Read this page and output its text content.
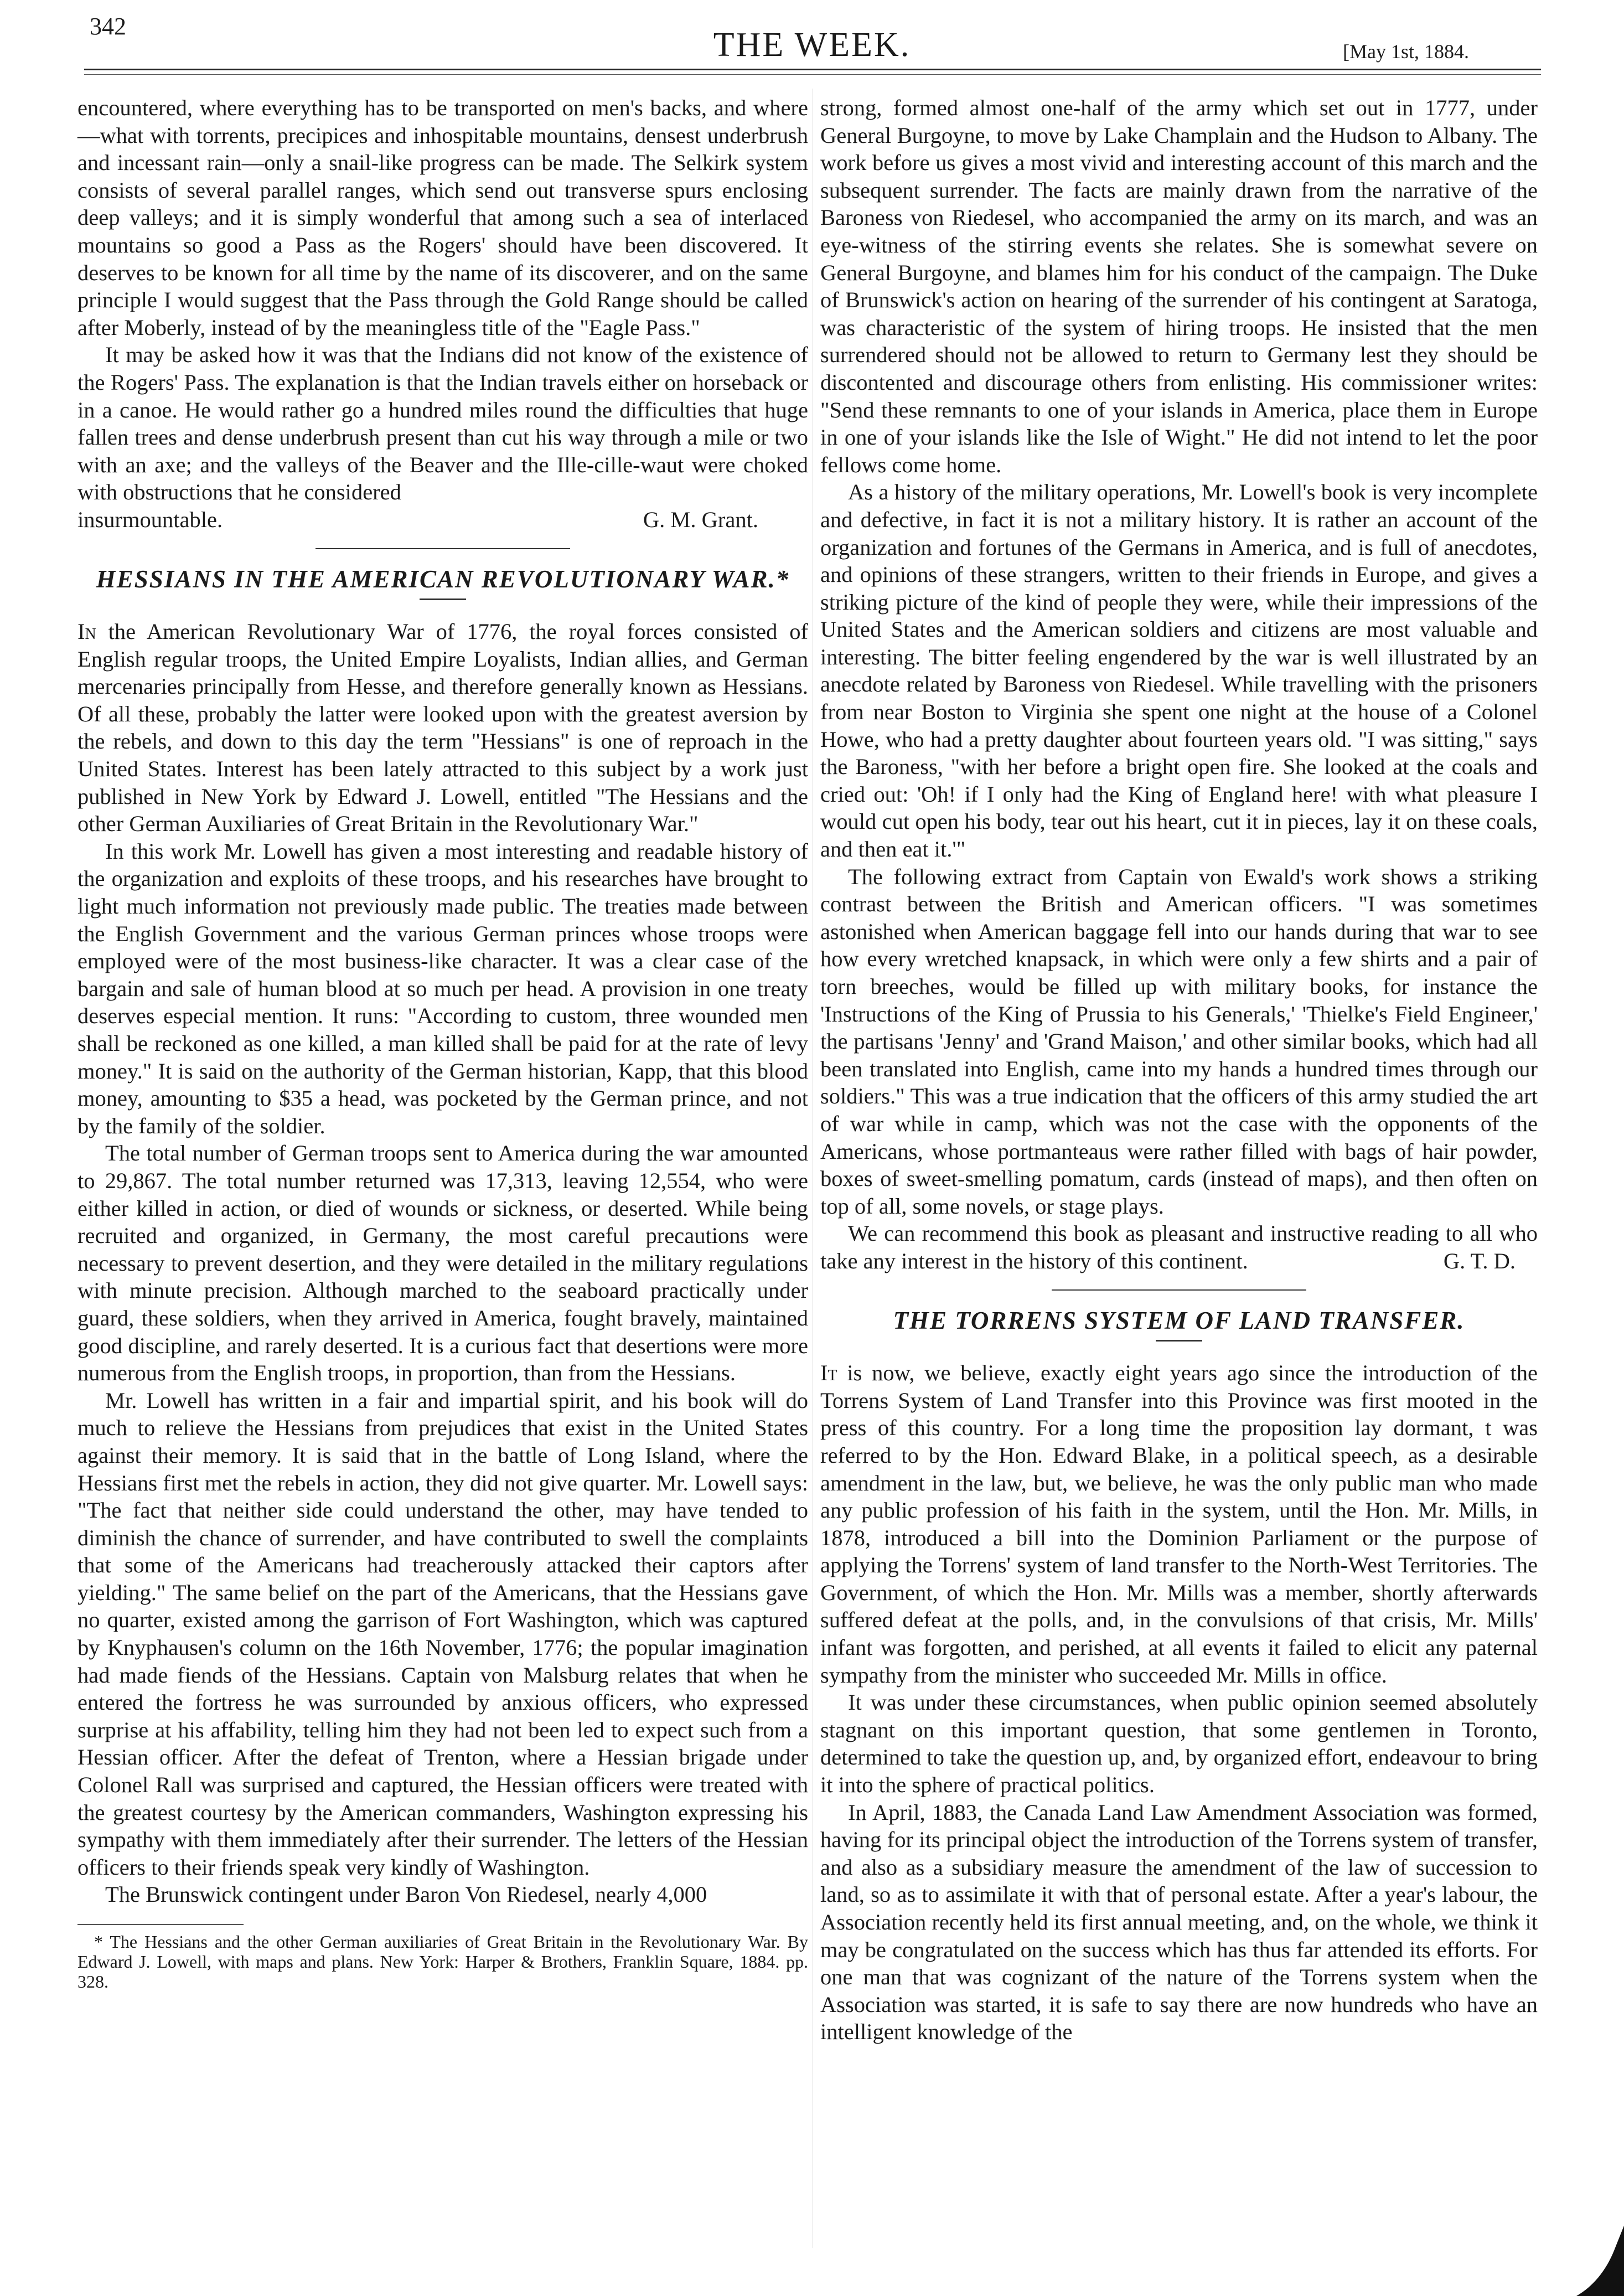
342	THE WEEK.	[May 1st, 1884.

encountered, where everything has to be transported on men's backs, and where—what with torrents, precipices and inhospitable mountains, densest underbrush and incessant rain—only a snail-like progress can be made. The Selkirk system consists of several parallel ranges, which send out transverse spurs enclosing deep valleys; and it is simply wonderful that among such a sea of interlaced mountains so good a Pass as the Rogers' should have been discovered. It deserves to be known for all time by the name of its discoverer, and on the same principle I would suggest that the Pass through the Gold Range should be called after Moberly, instead of by the meaningless title of the "Eagle Pass."

It may be asked how it was that the Indians did not know of the existence of the Rogers' Pass. The explanation is that the Indian travels either on horseback or in a canoe. He would rather go a hundred miles round the difficulties that huge fallen trees and dense underbrush present than cut his way through a mile or two with an axe; and the valleys of the Beaver and the Ille-cille-waut were choked with obstructions that he considered

insurmountable.	G. M. Grant.
HESSIANS IN THE AMERICAN REVOLUTIONARY WAR.*

In the American Revolutionary War of 1776, the royal forces consisted of English regular troops, the United Empire Loyalists, Indian allies, and German mercenaries principally from Hesse, and therefore generally known as Hessians. Of all these, probably the latter were looked upon with the greatest aversion by the rebels, and down to this day the term "Hessians" is one of reproach in the United States. Interest has been lately attracted to this subject by a work just published in New York by Edward J. Lowell, entitled "The Hessians and the other German Auxiliaries of Great Britain in the Revolutionary War."

In this work Mr. Lowell has given a most interesting and readable history of the organization and exploits of these troops, and his researches have brought to light much information not previously made public. The treaties made between the English Government and the various German princes whose troops were employed were of the most business-like character. It was a clear case of the bargain and sale of human blood at so much per head. A provision in one treaty deserves especial mention. It runs: "According to custom, three wounded men shall be reckoned as one killed, a man killed shall be paid for at the rate of levy money." It is said on the authority of the German historian, Kapp, that this blood money, amounting to $35 a head, was pocketed by the German prince, and not by the family of the soldier.

The total number of German troops sent to America during the war amounted to 29,867. The total number returned was 17,313, leaving 12,554, who were either killed in action, or died of wounds or sickness, or deserted. While being recruited and organized, in Germany, the most careful precautions were necessary to prevent desertion, and they were detailed in the military regulations with minute precision. Although marched to the seaboard practically under guard, these soldiers, when they arrived in America, fought bravely, maintained good discipline, and rarely deserted. It is a curious fact that desertions were more numerous from the English troops, in proportion, than from the Hessians.

Mr. Lowell has written in a fair and impartial spirit, and his book will do much to relieve the Hessians from prejudices that exist in the United States against their memory. It is said that in the battle of Long Island, where the Hessians first met the rebels in action, they did not give quarter. Mr. Lowell says: "The fact that neither side could understand the other, may have tended to diminish the chance of surrender, and have contributed to swell the complaints that some of the Americans had treacherously attacked their captors after yielding." The same belief on the part of the Americans, that the Hessians gave no quarter, existed among the garrison of Fort Washington, which was captured by Knyphausen's column on the 16th November, 1776; the popular imagination had made fiends of the Hessians. Captain von Malsburg relates that when he entered the fortress he was surrounded by anxious officers, who expressed surprise at his affability, telling him they had not been led to expect such from a Hessian officer. After the defeat of Trenton, where a Hessian brigade under Colonel Rall was surprised and captured, the Hessian officers were treated with the greatest courtesy by the American commanders, Washington expressing his sympathy with them immediately after their surrender. The letters of the Hessian officers to their friends speak very kindly of Washington.

The Brunswick contingent under Baron Von Riedesel, nearly 4,000

* The Hessians and the other German auxiliaries of Great Britain in the Revolutionary War. By Edward J. Lowell, with maps and plans. New York: Harper & Brothers, Franklin Square, 1884. pp. 328.

strong, formed almost one-half of the army which set out in 1777, under General Burgoyne, to move by Lake Champlain and the Hudson to Albany. The work before us gives a most vivid and interesting account of this march and the subsequent surrender. The facts are mainly drawn from the narrative of the Baroness von Riedesel, who accompanied the army on its march, and was an eye-witness of the stirring events she relates. She is somewhat severe on General Burgoyne, and blames him for his conduct of the campaign. The Duke of Brunswick's action on hearing of the surrender of his contingent at Saratoga, was characteristic of the system of hiring troops. He insisted that the men surrendered should not be allowed to return to Germany lest they should be discontented and discourage others from enlisting. His commissioner writes: "Send these remnants to one of your islands in America, place them in Europe in one of your islands like the Isle of Wight." He did not intend to let the poor fellows come home.

As a history of the military operations, Mr. Lowell's book is very incomplete and defective, in fact it is not a military history. It is rather an account of the organization and fortunes of the Germans in America, and is full of anecdotes, and opinions of these strangers, written to their friends in Europe, and gives a striking picture of the kind of people they were, while their impressions of the United States and the American soldiers and citizens are most valuable and interesting. The bitter feeling engendered by the war is well illustrated by an anecdote related by Baroness von Riedesel. While travelling with the prisoners from near Boston to Virginia she spent one night at the house of a Colonel Howe, who had a pretty daughter about fourteen years old. "I was sitting," says the Baroness, "with her before a bright open fire. She looked at the coals and cried out: 'Oh! if I only had the King of England here! with what pleasure I would cut open his body, tear out his heart, cut it in pieces, lay it on these coals, and then eat it.'"

The following extract from Captain von Ewald's work shows a striking contrast between the British and American officers. "I was sometimes astonished when American baggage fell into our hands during that war to see how every wretched knapsack, in which were only a few shirts and a pair of torn breeches, would be filled up with military books, for instance the 'Instructions of the King of Prussia to his Generals,' 'Thielke's Field Engineer,' the partisans 'Jenny' and 'Grand Maison,' and other similar books, which had all been translated into English, came into my hands a hundred times through our soldiers." This was a true indication that the officers of this army studied the art of war while in camp, which was not the case with the opponents of the Americans, whose portmanteaus were rather filled with bags of hair powder, boxes of sweet-smelling pomatum, cards (instead of maps), and then often on top of all, some novels, or stage plays.

We can recommend this book as pleasant and instructive reading to all who take any interest in the history of this continent.	G. T. D.

THE TORRENS SYSTEM OF LAND TRANSFER.

It is now, we believe, exactly eight years ago since the introduction of the Torrens System of Land Transfer into this Province was first mooted in the press of this country. For a long time the proposition lay dormant, t was referred to by the Hon. Edward Blake, in a political speech, as a desirable amendment in the law, but, we believe, he was the only public man who made any public profession of his faith in the system, until the Hon. Mr. Mills, in 1878, introduced a bill into the Dominion Parliament or the purpose of applying the Torrens' system of land transfer to the North-West Territories. The Government, of which the Hon. Mr. Mills was a member, shortly afterwards suffered defeat at the polls, and, in the convulsions of that crisis, Mr. Mills' infant was forgotten, and perished, at all events it failed to elicit any paternal sympathy from the minister who succeeded Mr. Mills in office.

It was under these circumstances, when public opinion seemed absolutely stagnant on this important question, that some gentlemen in Toronto, determined to take the question up, and, by organized effort, endeavour to bring it into the sphere of practical politics.

In April, 1883, the Canada Land Law Amendment Association was formed, having for its principal object the introduction of the Torrens system of transfer, and also as a subsidiary measure the amendment of the law of succession to land, so as to assimilate it with that of personal estate. After a year's labour, the Association recently held its first annual meeting, and, on the whole, we think it may be congratulated on the success which has thus far attended its efforts. For one man that was cognizant of the nature of the Torrens system when the Association was started, it is safe to say there are now hundreds who have an intelligent knowledge of the
